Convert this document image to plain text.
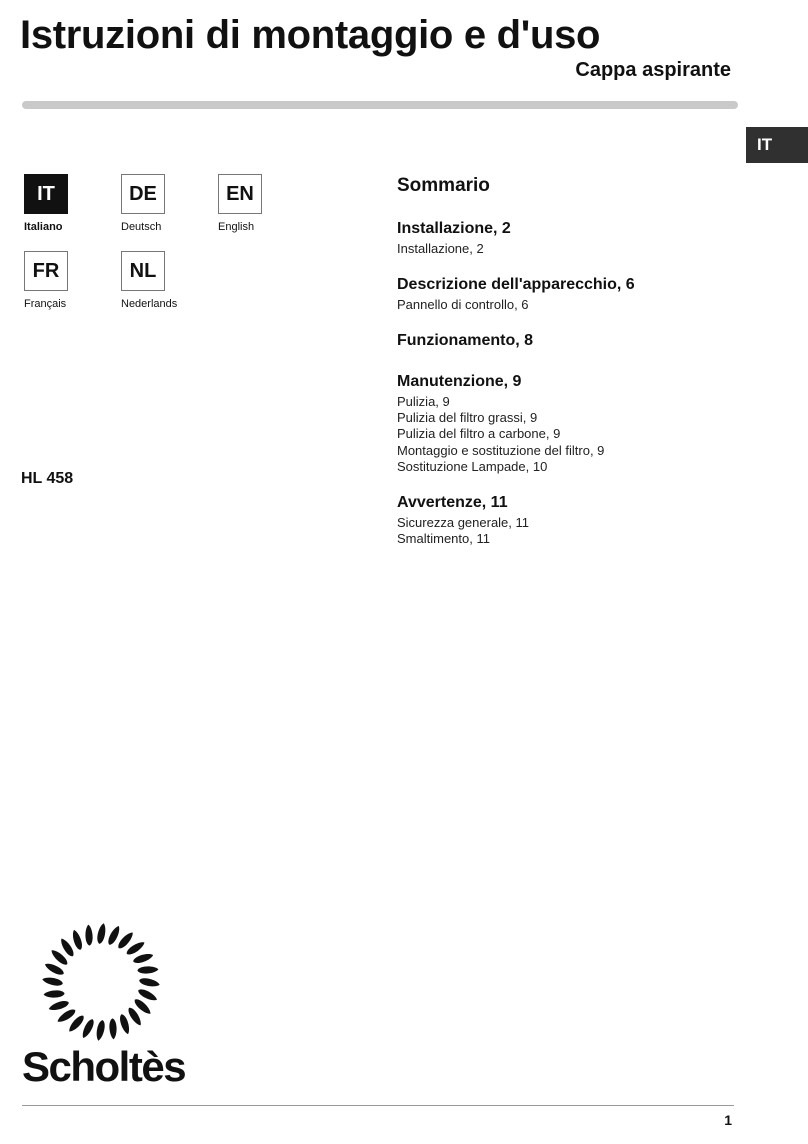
Istruzioni di montaggio e d'uso
Cappa aspirante
IT
IT
Italiano
DE
Deutsch
EN
English
FR
Français
NL
Nederlands
HL 458
Sommario
Installazione, 2
Installazione, 2
Descrizione dell'apparecchio, 6
Pannello di controllo, 6
Funzionamento, 8
Manutenzione, 9
Pulizia, 9
Pulizia del filtro grassi, 9
Pulizia del filtro a carbone, 9
Montaggio e sostituzione del filtro, 9
Sostituzione Lampade, 10
Avvertenze, 11
Sicurezza generale, 11
Smaltimento, 11
Scholtès
1
